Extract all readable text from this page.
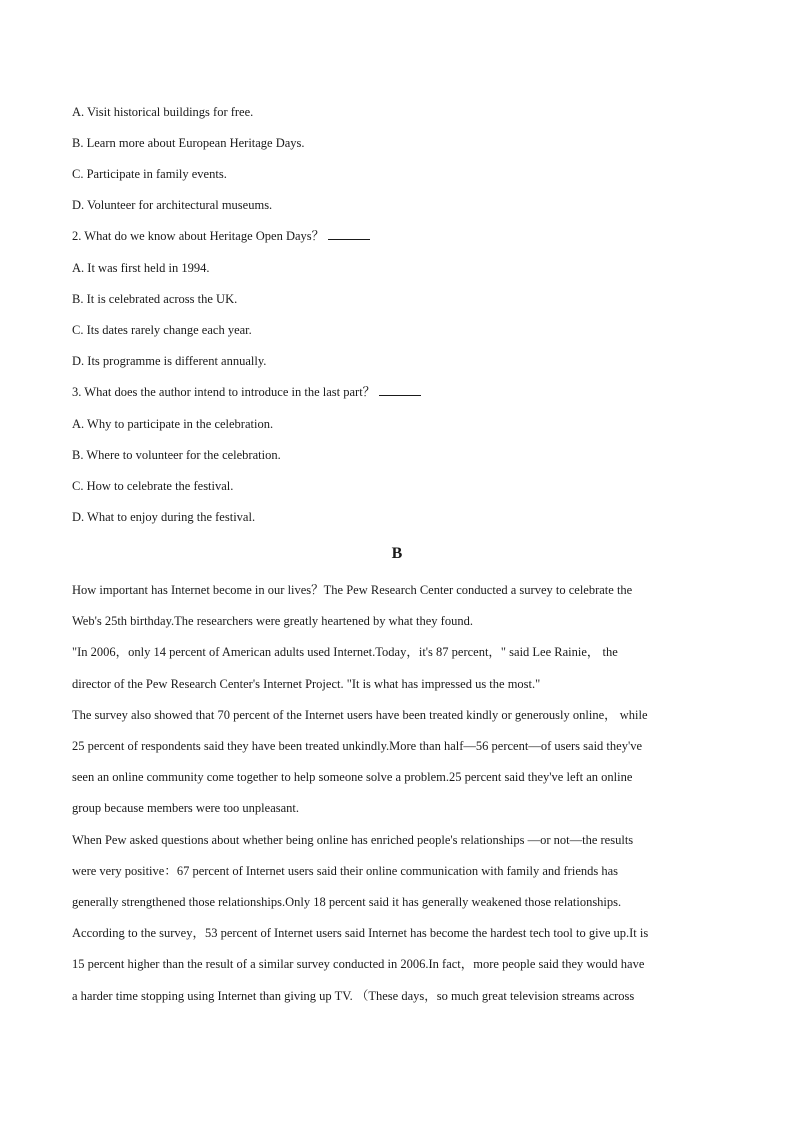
A. Visit historical buildings for free.
B. Learn more about European Heritage Days.
C. Participate in family events.
D. Volunteer for architectural museums.
2. What do we know about Heritage Open Days？
A. It was first held in 1994.
B. It is celebrated across the UK.
C. Its dates rarely change each year.
D. Its programme is different annually.
3. What does the author intend to introduce in the last part？
A. Why to participate in the celebration.
B. Where to volunteer for the celebration.
C. How to celebrate the festival.
D. What to enjoy during the festival.
B
How important has Internet become in our lives？The Pew Research Center conducted a survey to celebrate the
Web's 25th birthday.The researchers were greatly heartened by what they found.
"In 2006，only 14 percent of American adults used Internet.Today，it's 87 percent，" said Lee Rainie， the
director of the Pew Research Center's Internet Project. "It is what has impressed us the most."
The survey also showed that 70 percent of the Internet users have been treated kindly or generously online， while
25 percent of respondents said they have been treated unkindly.More than half—56 percent—of users said they've
seen an online community come together to help someone solve a problem.25 percent said they've left an online
group because members were too unpleasant.
When Pew asked questions about whether being online has enriched people's relationships —or not—the results
were very positive：67 percent of Internet users said their online communication with family and friends has
generally strengthened those relationships.Only 18 percent said it has generally weakened those relationships.
According to the survey，53 percent of Internet users said Internet has become the hardest tech tool to give up.It is
15 percent higher than the result of a similar survey conducted in 2006.In fact，more people said they would have
a harder time stopping using Internet than giving up TV. （These days，so much great television streams across
